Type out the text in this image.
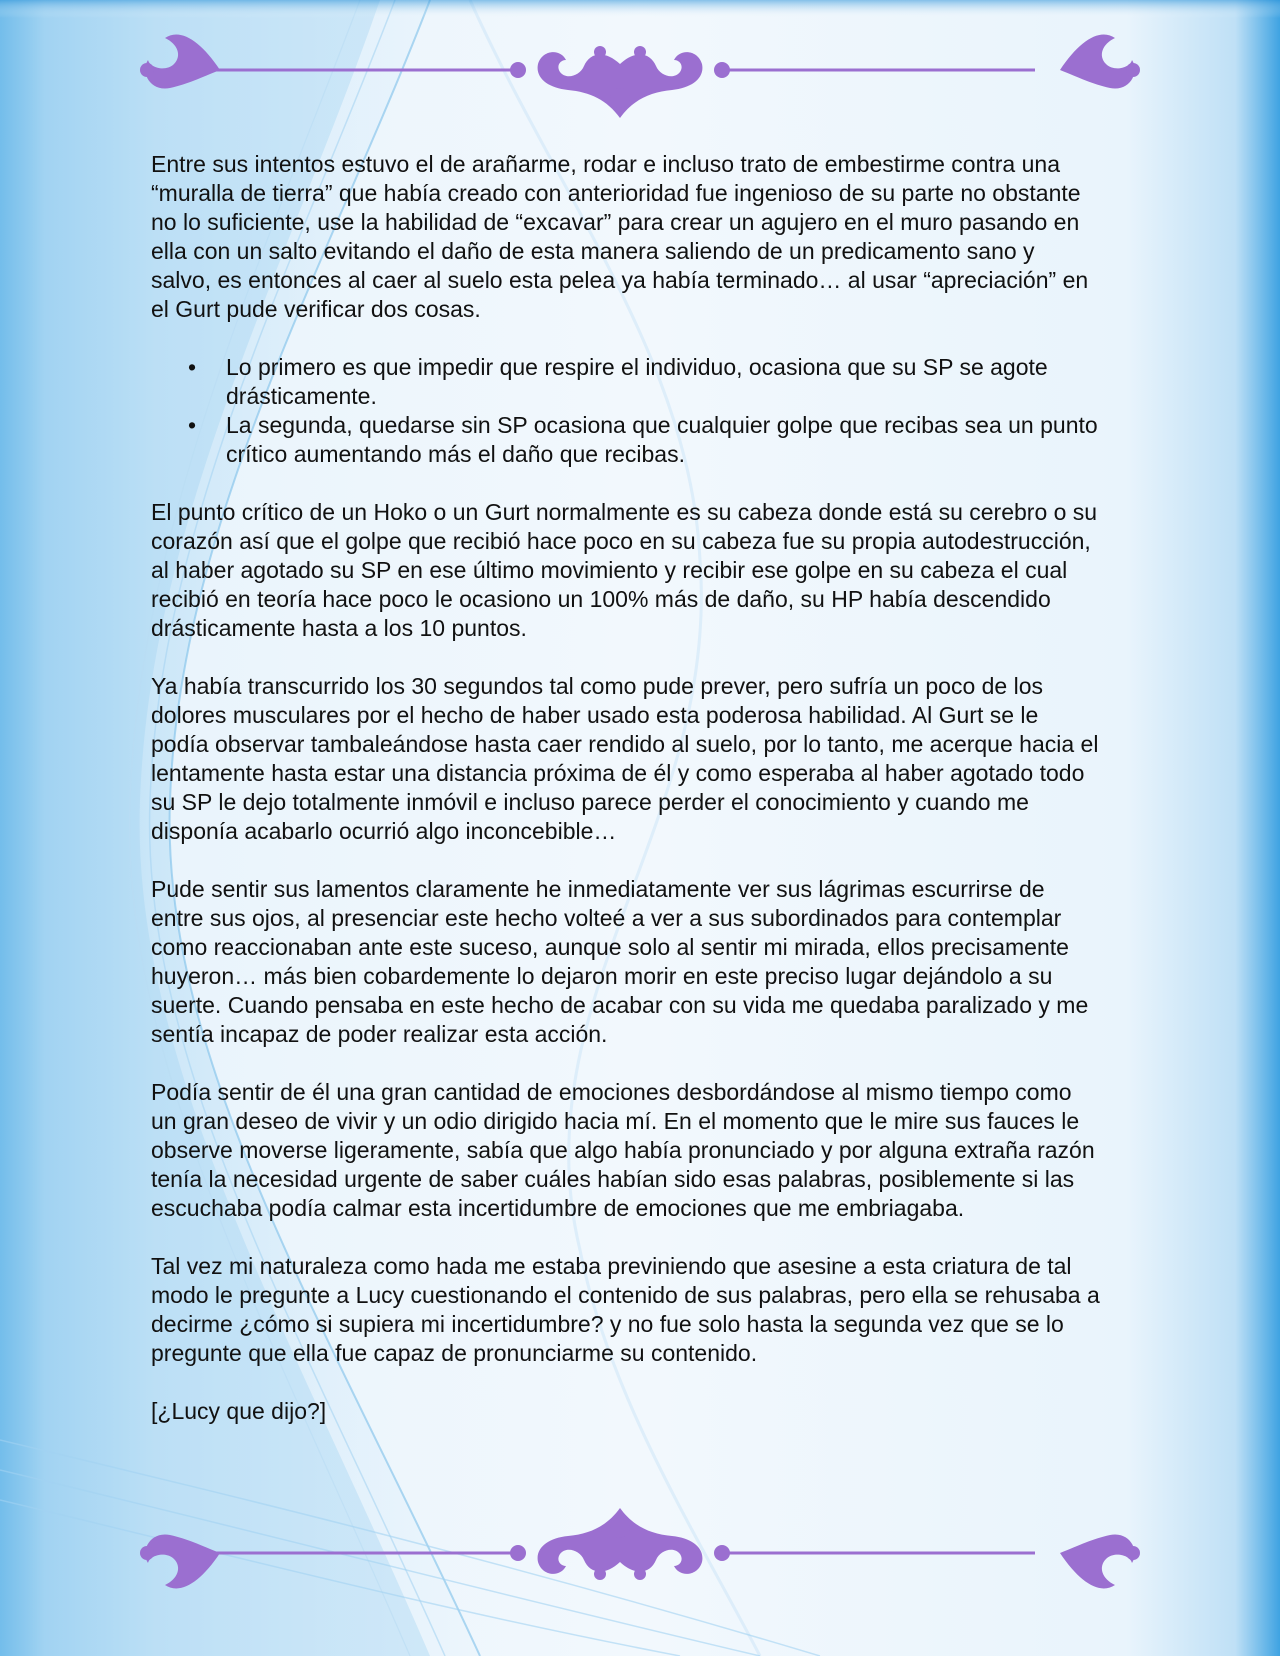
Entre sus intentos estuvo el de arañarme, rodar e incluso trato de embestirme contra una “muralla de tierra” que había creado con anterioridad fue ingenioso de su parte no obstante no lo suficiente, use la habilidad de “excavar” para crear un agujero en el muro pasando en ella con un salto evitando el daño de esta manera saliendo de un predicamento sano y salvo, es entonces al caer al suelo esta pelea ya había terminado… al usar “apreciación” en el Gurt pude verificar dos cosas.

• Lo primero es que impedir que respire el individuo, ocasiona que su SP se agote drásticamente.
• La segunda, quedarse sin SP ocasiona que cualquier golpe que recibas sea un punto crítico aumentando más el daño que recibas.

El punto crítico de un Hoko o un Gurt normalmente es su cabeza donde está su cerebro o su corazón así que el golpe que recibió hace poco en su cabeza fue su propia autodestrucción, al haber agotado su SP en ese último movimiento y recibir ese golpe en su cabeza el cual recibió en teoría hace poco le ocasiono un 100% más de daño, su HP había descendido drásticamente hasta a los 10 puntos.

Ya había transcurrido los 30 segundos tal como pude prever, pero sufría un poco de los dolores musculares por el hecho de haber usado esta poderosa habilidad. Al Gurt se le podía observar tambaleándose hasta caer rendido al suelo, por lo tanto, me acerque hacia el lentamente hasta estar una distancia próxima de él y como esperaba al haber agotado todo su SP le dejo totalmente inmóvil e incluso parece perder el conocimiento y cuando me disponía acabarlo ocurrió algo inconcebible…

Pude sentir sus lamentos claramente he inmediatamente ver sus lágrimas escurrirse de entre sus ojos, al presenciar este hecho volteé a ver a sus subordinados para contemplar como reaccionaban ante este suceso, aunque solo al sentir mi mirada, ellos precisamente huyeron… más bien cobardemente lo dejaron morir en este preciso lugar dejándolo a su suerte. Cuando pensaba en este hecho de acabar con su vida me quedaba paralizado y me sentía incapaz de poder realizar esta acción.

Podía sentir de él una gran cantidad de emociones desbordándose al mismo tiempo como un gran deseo de vivir y un odio dirigido hacia mí. En el momento que le mire sus fauces le observe moverse ligeramente, sabía que algo había pronunciado y por alguna extraña razón tenía la necesidad urgente de saber cuáles habían sido esas palabras, posiblemente si las escuchaba podía calmar esta incertidumbre de emociones que me embriagaba.

Tal vez mi naturaleza como hada me estaba previniendo que asesine a esta criatura de tal modo le pregunte a Lucy cuestionando el contenido de sus palabras, pero ella se rehusaba a decirme ¿cómo si supiera mi incertidumbre? y no fue solo hasta la segunda vez que se lo pregunte que ella fue capaz de pronunciarme su contenido.

[¿Lucy que dijo?]
